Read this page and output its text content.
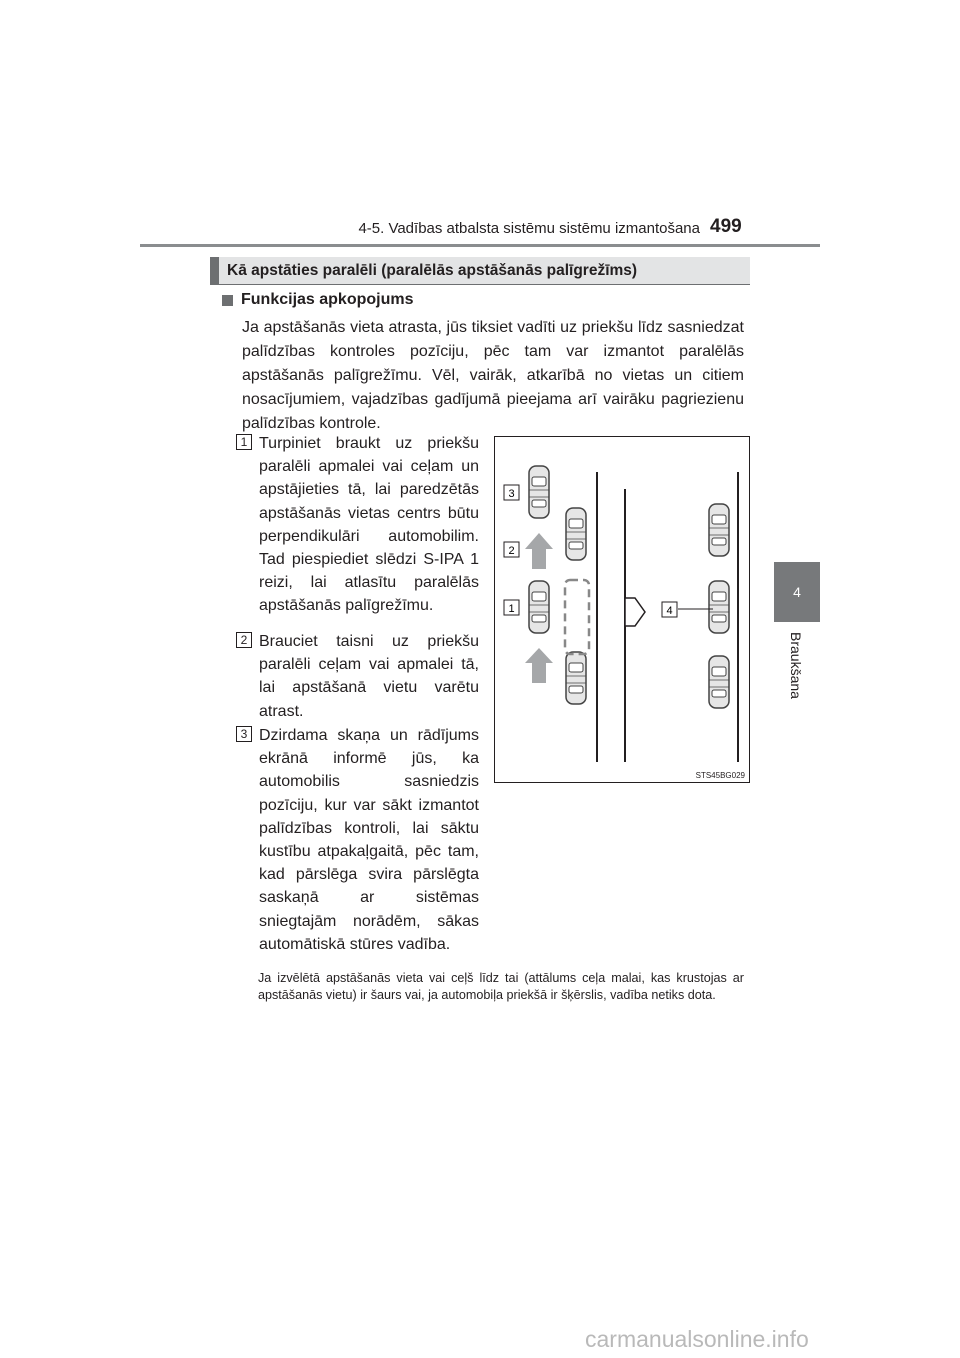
4-5. Vadības atbalsta sistēmu sistēmu izmantošana 499
4
Braukšana
Kā apstāties paralēli (paralēlās apstāšanās palīgrežīms)
Funkcijas apkopojums

Ja apstāšanās vieta atrasta, jūs tiksiet vadīti uz priekšu līdz sasniedzat palīdzības kontroles pozīciju, pēc tam var izmantot paralēlās apstāšanās palīgrežīmu. Vēl, vairāk, atkarībā no vietas un citiem nosacījumiem, vajadzības gadījumā pieejama arī vairāku pagriezienu palīdzības kontrole.

1 Turpiniet braukt uz priekšu paralēli apmalei vai ceļam un apstājieties tā, lai paredzētās apstāšanās vietas centrs būtu perpendikulāri automobilim. Tad piespiediet slēdzi S-IPA 1 reizi, lai atlasītu paralēlās apstāšanās palīgrežīmu.

2 Brauciet taisni uz priekšu paralēli ceļam vai apmalei tā, lai apstāšanā vietu varētu atrast.

3 Dzirdama skaņa un rādījums ekrānā informē jūs, ka automobilis sasniedzis pozīciju, kur var sākt izmantot palīdzības kontroli, lai sāktu kustību atpakaļgaitā, pēc tam, kad pārslēga svira pārslēgta saskaņā ar sistēmas sniegtajām norādēm, sākas automātiskā stūres vadība.

3
2
1	4
STS45BG029

Ja izvēlētā apstāšanās vieta vai ceļš līdz tai (attālums ceļa malai, kas krustojas ar apstāšanās vietu) ir šaurs vai, ja automobiļa priekšā ir šķērslis, vadība netiks dota.

carmanualsonline.info
